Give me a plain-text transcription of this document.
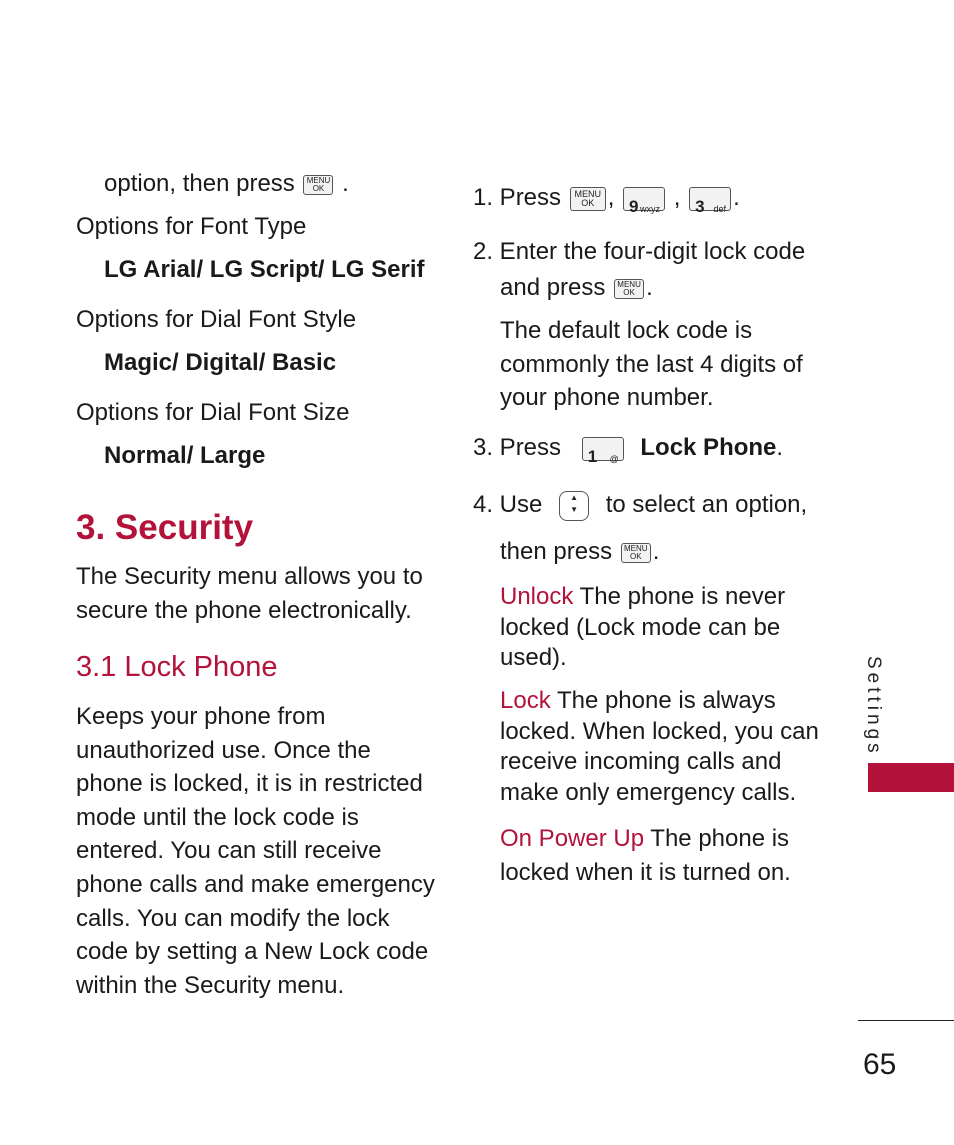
option, then press MENU
OK .
Options for Font Type
LG Arial/ LG Script/ LG Serif
Options for Dial Font Style
Magic/ Digital/ Basic
Options for Dial Font Size
Normal/ Large
3. Security
The Security menu allows you to
secure the phone electronically.
3.1 Lock Phone
Keeps your phone from
unauthorized use. Once the
phone is locked, it is in restricted
mode until the lock code is
entered. You can still receive
phone calls and make emergency
calls. You can modify the lock
code by setting a New Lock code
within the Security menu.
1. Press MENU
OK , 9 wxyz , 3 def .
2. Enter the four-digit lock code
and press MENU
OK .
The default lock code is
commonly the last 4 digits of
your phone number.
3. Press 1 @ Lock Phone.
4. Use	▲
▼ to select an option,
then press MENU
OK .
Unlock The phone is never
locked (Lock mode can be
used).
Lock The phone is always
locked. When locked, you can
receive incoming calls and
make only emergency calls.
On Power Up The phone is
locked when it is turned on.
Settings
65
